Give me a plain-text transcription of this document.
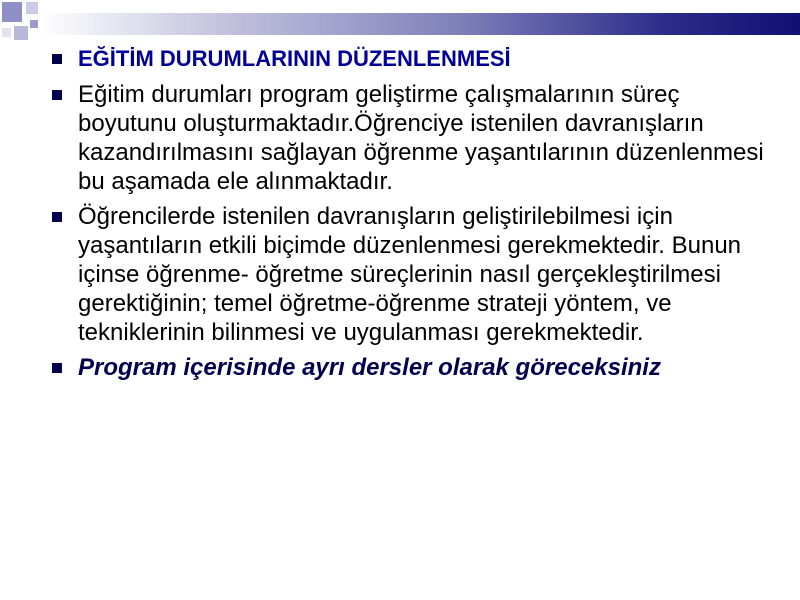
EĞİTİM DURUMLARININ DÜZENLENMESİ
Eğitim durumları program geliştirme çalışmalarının süreç boyutunu oluşturmaktadır.Öğrenciye istenilen davranışların kazandırılmasını sağlayan öğrenme yaşantılarının düzenlenmesi bu aşamada ele alınmaktadır.
Öğrencilerde istenilen davranışların geliştirilebilmesi için yaşantıların etkili biçimde düzenlenmesi gerekmektedir. Bunun içinse öğrenme- öğretme süreçlerinin nasıl gerçekleştirilmesi gerektiğinin; temel öğretme-öğrenme strateji yöntem, ve tekniklerinin bilinmesi ve uygulanması gerekmektedir.
Program içerisinde ayrı dersler olarak göreceksiniz
